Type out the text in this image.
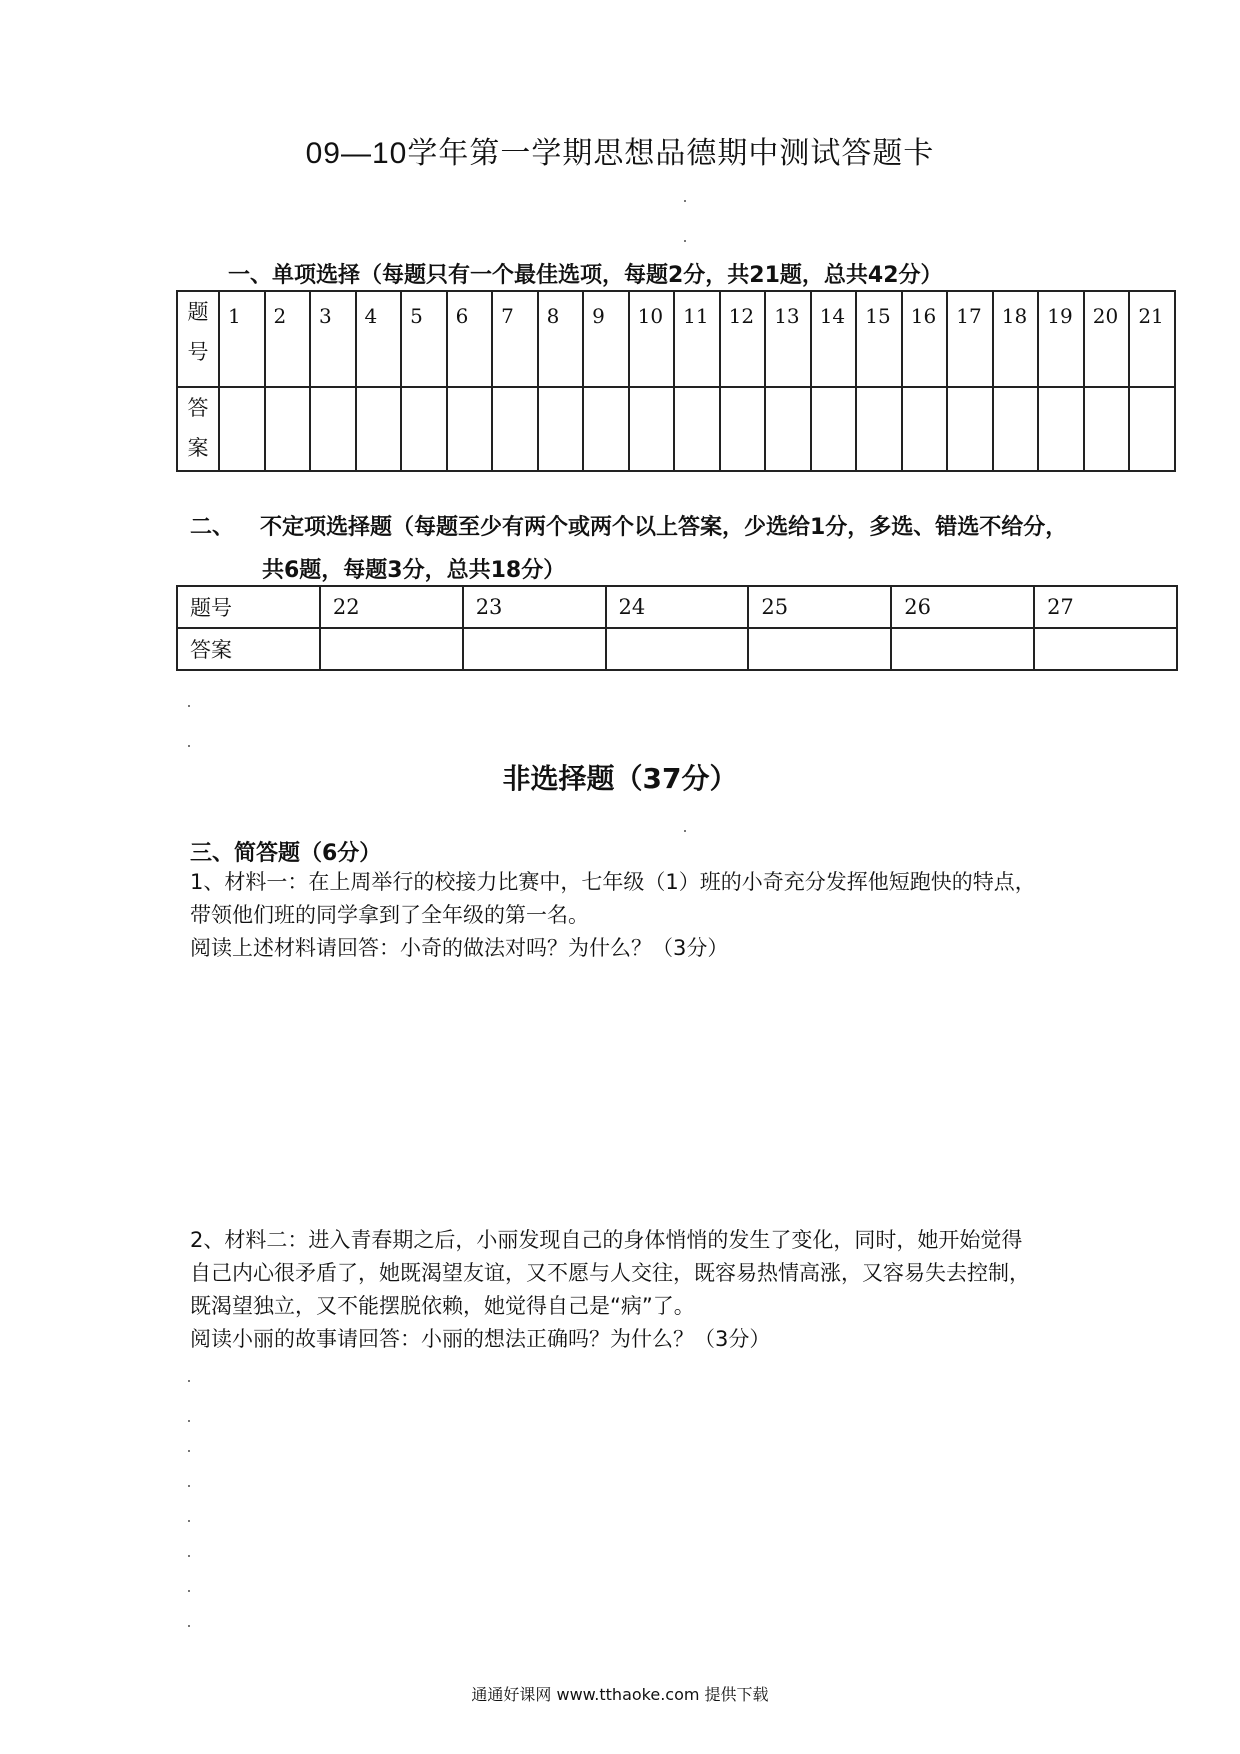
09—10学年第一学期思想品德期中测试答题卡
一、单项选择（每题只有一个最佳选项，每题2分，共21题，总共42分）
题
号	1	2	3	4	5	6	7	8	9	10	11	12	13	14	15	16	17	18	19	20	21

答
案																					

二、 不定项选择题（每题至少有两个或两个以上答案，少选给1分，多选、错选不给分，
共6题，每题3分，总共18分）
题号	22	23	24	25	26	27
答案						
非选择题（37分）
三、简答题（6分）
1、材料一：在上周举行的校接力比赛中，七年级（1）班的小奇充分发挥他短跑快的特点，
带领他们班的同学拿到了全年级的第一名。
阅读上述材料请回答：小奇的做法对吗？为什么？（3分）
2、材料二：进入青春期之后，小丽发现自己的身体悄悄的发生了变化，同时，她开始觉得
自己内心很矛盾了，她既渴望友谊，又不愿与人交往，既容易热情高涨，又容易失去控制，
既渴望独立，又不能摆脱依赖，她觉得自己是“病”了。
阅读小丽的故事请回答：小丽的想法正确吗？为什么？（3分）
通通好课网 www.tthaoke.com 提供下载
